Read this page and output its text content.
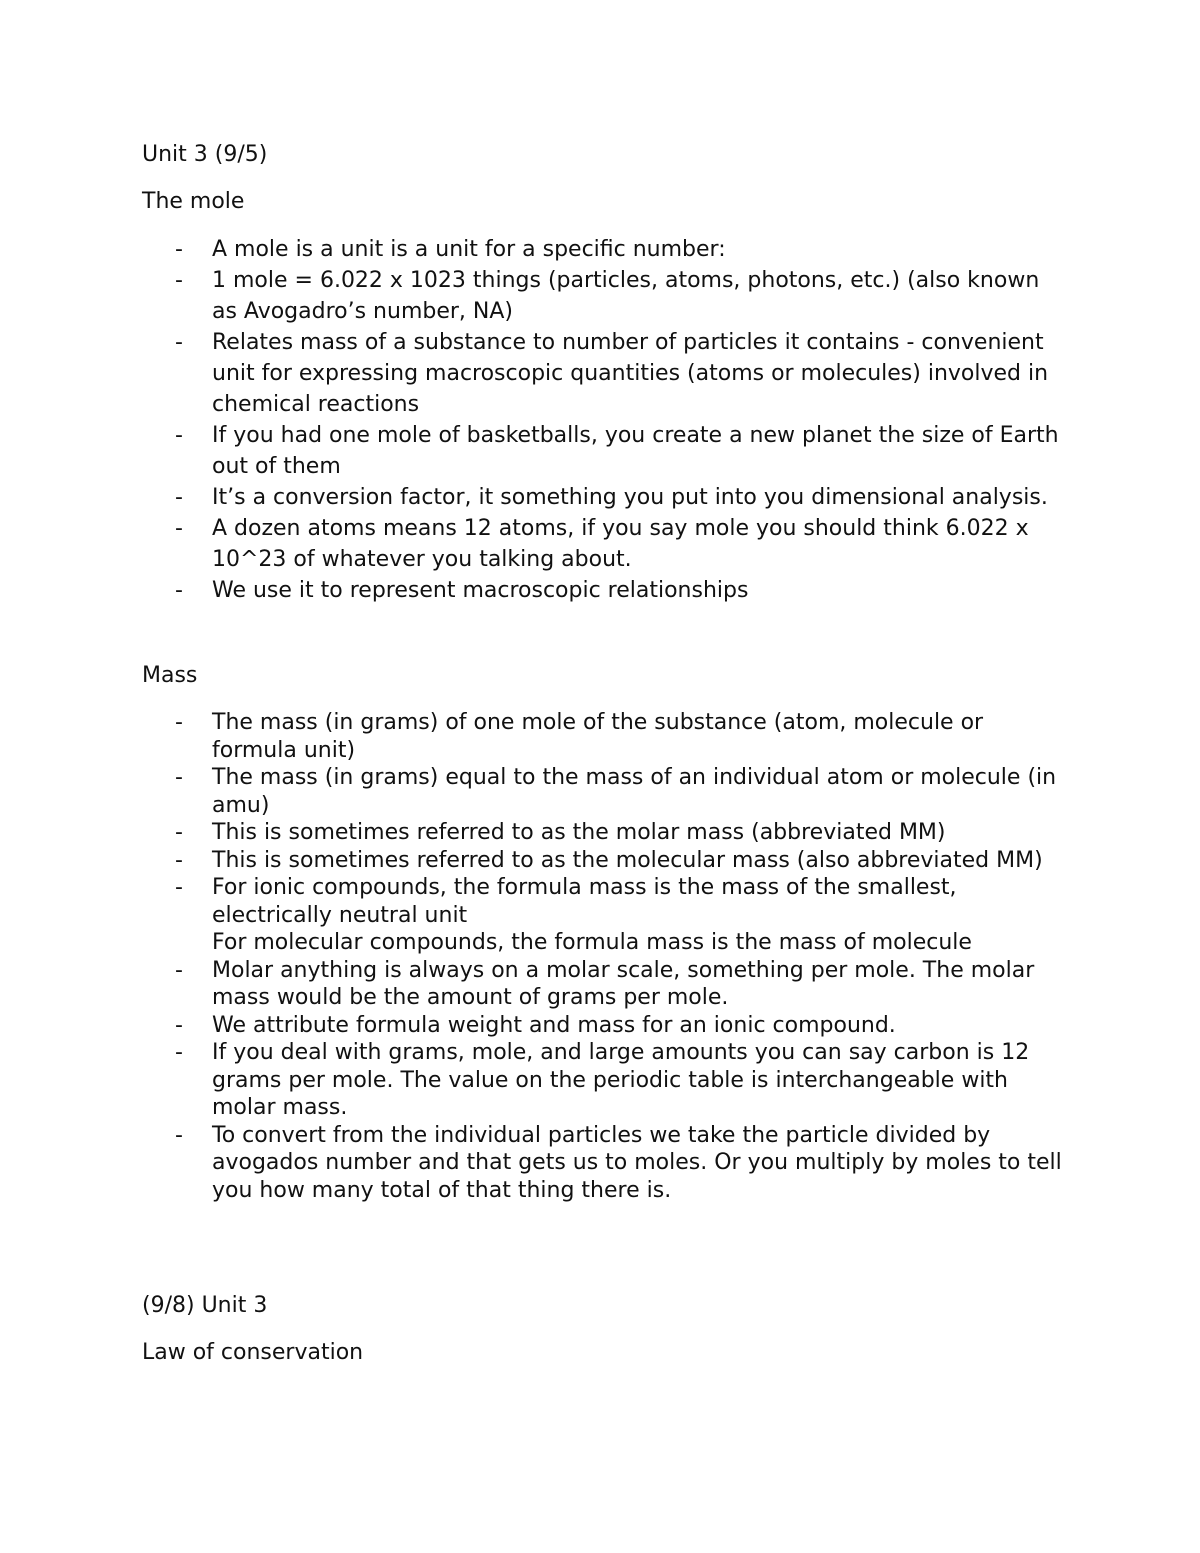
Unit 3 (9/5)
The mole
- A mole is a unit is a unit for a specific number:
- 1 mole = 6.022 x 1023 things (particles, atoms, photons, etc.) (also known as Avogadro’s number, NA)
- Relates mass of a substance to number of particles it contains - convenient unit for expressing macroscopic quantities (atoms or molecules) involved in chemical reactions
- If you had one mole of basketballs, you create a new planet the size of Earth out of them
- It’s a conversion factor, it something you put into you dimensional analysis.
- A dozen atoms means 12 atoms, if you say mole you should think 6.022 x 10^23 of whatever you talking about.
- We use it to represent macroscopic relationships
Mass
- The mass (in grams) of one mole of the substance (atom, molecule or formula unit)
- The mass (in grams) equal to the mass of an individual atom or molecule (in amu)
- This is sometimes referred to as the molar mass (abbreviated MM)
- This is sometimes referred to as the molecular mass (also abbreviated MM)
- For ionic compounds, the formula mass is the mass of the smallest, electrically neutral unit
For molecular compounds, the formula mass is the mass of molecule
- Molar anything is always on a molar scale, something per mole. The molar mass would be the amount of grams per mole.
- We attribute formula weight and mass for an ionic compound.
- If you deal with grams, mole, and large amounts you can say carbon is 12 grams per mole. The value on the periodic table is interchangeable with molar mass.
- To convert from the individual particles we take the particle divided by avogados number and that gets us to moles. Or you multiply by moles to tell you how many total of that thing there is.
(9/8) Unit 3
Law of conservation
